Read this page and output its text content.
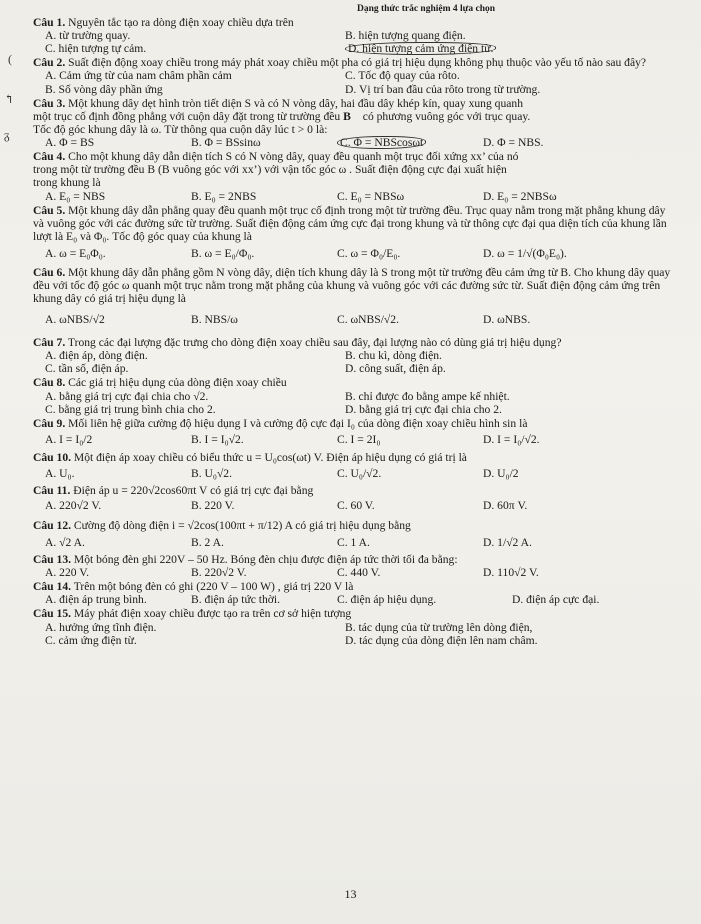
Dạng thức trắc nghiệm 4 lựa chọn
(
↰
ᵹ
Câu 1. Nguyên tắc tạo ra dòng điện xoay chiều dựa trên
A. từ trường quay.	B. hiện tượng quang điện.
C. hiện tượng tự cảm.	D. hiện tượng cảm ứng điện từ.
Câu 2. Suất điện động xoay chiều trong máy phát xoay chiều một pha có giá trị hiệu dụng không phụ thuộc vào yếu tố nào sau đây?
A. Cảm ứng từ của nam châm phần cảm	C. Tốc độ quay của rôto.
B. Số vòng dây phần ứng	D. Vị trí ban đầu của rôto trong từ trường.
Câu 3. Một khung dây dẹt hình tròn tiết diện S và có N vòng dây, hai đầu dây khép kín, quay xung quanh
một trục cố định đồng phẳng với cuộn dây đặt trong từ trường đều B⃗ có phương vuông góc với trục quay.
Tốc độ góc khung dây là ω. Từ thông qua cuộn dây lúc t > 0 là:
A. Φ = BS	B. Φ = BSsinω	C. Φ = NBScosωt	D. Φ = NBS.
Câu 4. Cho một khung dây dẫn diện tích S có N vòng dây, quay đều quanh một trục đối xứng xx’ của nó
trong một từ trường đều B (B vuông góc với xx’) với vận tốc góc ω . Suất điện động cực đại xuất hiện
trong khung là
A. E₀ = NBS	B. E₀ = 2NBS	C. E₀ = NBSω	D. E₀ = 2NBSω
Câu 5. Một khung dây dẫn phẳng quay đều quanh một trục cố định trong một từ trường đều. Trục quay nằm trong mặt phẳng khung dây và vuông góc với các đường sức từ trường. Suất điện động cảm ứng cực đại trong khung và từ thông cực đại qua diện tích của khung lần lượt là E₀ và Φ₀. Tốc độ góc quay của khung là
A. ω = E₀Φ₀.	B. ω = E₀/Φ₀.	C. ω = Φ₀/E₀.	D. ω = 1/√(Φ₀E₀).
Câu 6. Một khung dây dẫn phẳng gồm N vòng dây, diện tích khung dây là S trong một từ trường đều cảm ứng từ B. Cho khung dây quay đều với tốc độ góc ω quanh một trục nằm trong mặt phẳng của khung và vuông góc với các đường sức từ. Suất điện động cảm ứng trên khung dây có giá trị hiệu dụng là
A. ωNBS/√2	B. NBS/ω	C. ωNBS/√2.	D. ωNBS.
Câu 7. Trong các đại lượng đặc trưng cho dòng điện xoay chiều sau đây, đại lượng nào có dùng giá trị hiệu dụng?
A. điện áp, dòng điện.	B. chu kì, dòng điện.
C. tần số, điện áp.	D. công suất, điện áp.
Câu 8. Các giá trị hiệu dụng của dòng điện xoay chiều
A. bằng giá trị cực đại chia cho √2.	B. chỉ được đo bằng ampe kế nhiệt.
C. bằng giá trị trung bình chia cho 2.	D. bằng giá trị cực đại chia cho 2.
Câu 9. Mối liên hệ giữa cường độ hiệu dụng I và cường độ cực đại I₀ của dòng điện xoay chiều hình sin là
A. I = I₀/2	B. I = I₀√2.	C. I = 2I₀	D. I = I₀/√2.
Câu 10. Một điện áp xoay chiều có biểu thức u = U₀cos(ωt) V. Điện áp hiệu dụng có giá trị là
A. U₀.	B. U₀√2.	C. U₀/√2.	D. U₀/2
Câu 11. Điện áp u = 220√2cos60πt V có giá trị cực đại bằng
A. 220√2 V.	B. 220 V.	C. 60 V.	D. 60π V.
Câu 12. Cường độ dòng điện i = √2cos(100πt + π/12) A có giá trị hiệu dụng bằng
A. √2 A.	B. 2 A.	C. 1 A.	D. 1/√2 A.
Câu 13. Một bóng đèn ghi 220V – 50 Hz. Bóng đèn chịu được điện áp tức thời tối đa bằng:
A. 220 V.	B. 220√2 V.	C. 440 V.	D. 110√2 V.
Câu 14. Trên một bóng đèn có ghi (220 V – 100 W) , giá trị 220 V là
A. điện áp trung bình.	B. điện áp tức thời.	C. điện áp hiệu dụng.	D. điện áp cực đại.
Câu 15. Máy phát điện xoay chiều được tạo ra trên cơ sở hiện tượng
A. hưởng ứng tĩnh điện.	B. tác dụng của từ trường lên dòng điện,
C. cảm ứng điện từ.	D. tác dụng của dòng điện lên nam châm.
13
